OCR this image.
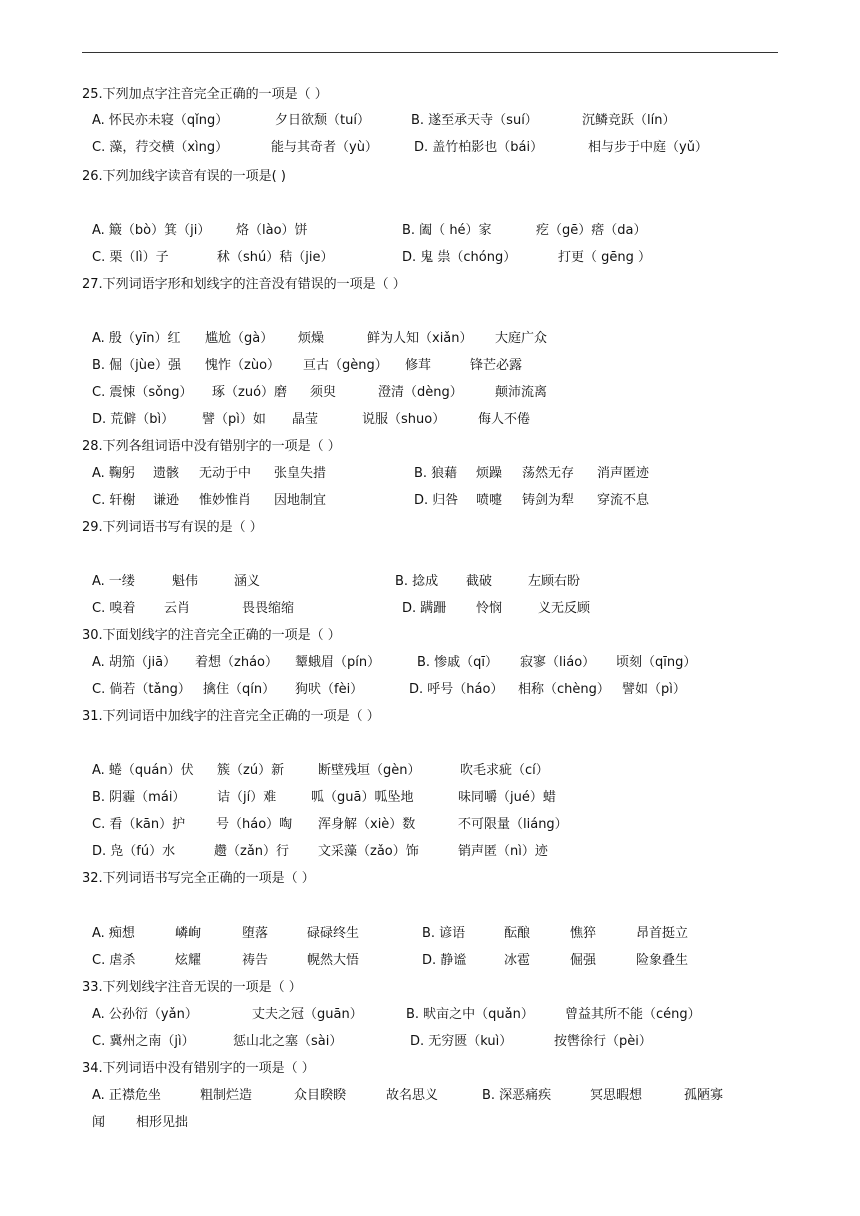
25.下列加点字注音完全正确的一项是（ ）
A. 怀民亦未寝（qǐng）	夕日欲颓（tuí）	B. 遂至承天寺（suí）	沉鳞竞跃（lín）
C. 藻，荇交横（xìng）	能与其奇者（yù）	D. 盖竹柏影也（bái）	相与步于中庭（yǔ）
26.下列加线字读音有误的一项是( )
A. 簸（bò）箕（ji） 烙（lào）饼	B. 阖（ hé）家	疙（gē）瘩（da）
C. 栗（lì）子	秫（shú）秸（jie）	D. 鬼 祟（chóng）	打更（ gēng ）
27.下列词语字形和划线字的注音没有错误的一项是（ ）
A. 殷（yīn）红 尴尬（gà） 烦燥	鲜为人知（xiǎn） 大庭广众
B. 倔（jùe）强 愧怍（zùo） 亘古（gèng） 修茸	锋芒必露
C. 震悚（sǒng） 琢（zuó）磨 须臾	澄清（dèng） 颠沛流离
D. 荒僻（bì） 譬（pì）如 晶莹	说服（shuo）	侮人不倦
28.下列各组词语中没有错别字的一项是（ ）
A. 鞠躬 遗骸 无动于中 张皇失措	B. 狼藉 烦躁 荡然无存 消声匿迹
C. 轩榭 谦逊 惟妙惟肖 因地制宜	D. 归咎 喷嚏 铸剑为犁 穿流不息
29.下列词语书写有误的是（ ）
A. 一缕	魁伟	涵义	B. 捻成 截破	左顾右盼
C. 嗅着 云肖	畏畏缩缩	D. 蹒跚 怜悯	义无反顾
30.下面划线字的注音完全正确的一项是（ ）
A. 胡笳（jiā） 着想（zháo） 颦蛾眉（pín）	B. 惨戚（qī） 寂寥（liáo） 顷刻（qīng）
C. 倘若（tǎng） 擒住（qín） 狗吠（fèi）	D. 呼号（háo） 相称（chèng） 譬如（pì）
31.下列词语中加线字的注音完全正确的一项是（ ）
A. 蜷（quán）伏 簇（zú）新	断壁残垣（gèn）	吹毛求疵（cí）
B. 阴霾（mái） 诘（jí）难	呱（guā）呱坠地	味同嚼（jué）蜡
C. 看（kān）护 号（háo）啕 浑身解（xiè）数	不可限量（liáng）
D. 凫（fú）水	趱（zǎn）行 文采藻（zǎo）饰	销声匿（nì）迹
32.下列词语书写完全正确的一项是（ ）
A. 痴想	嶙峋	堕落	碌碌终生	B. 谚语	酝酿	憔猝	昂首挺立
C. 虐杀	炫耀	祷告	幌然大悟	D. 静谧	冰雹	倔强	险象叠生
33.下列划线字注音无误的一项是（ ）
A. 公孙衍（yǎn）	丈夫之冠（guān）	B. 畎亩之中（quǎn） 曾益其所不能（céng）
C. 冀州之南（jì）	惩山北之塞（sài）	D. 无穷匮（kuì）	按辔徐行（pèi）
34.下列词语中没有错别字的一项是（ ）
A. 正襟危坐	粗制烂造	众目睽睽	故名思义	B. 深恶痛疾	冥思暇想	孤陋寡
闻 相形见拙
